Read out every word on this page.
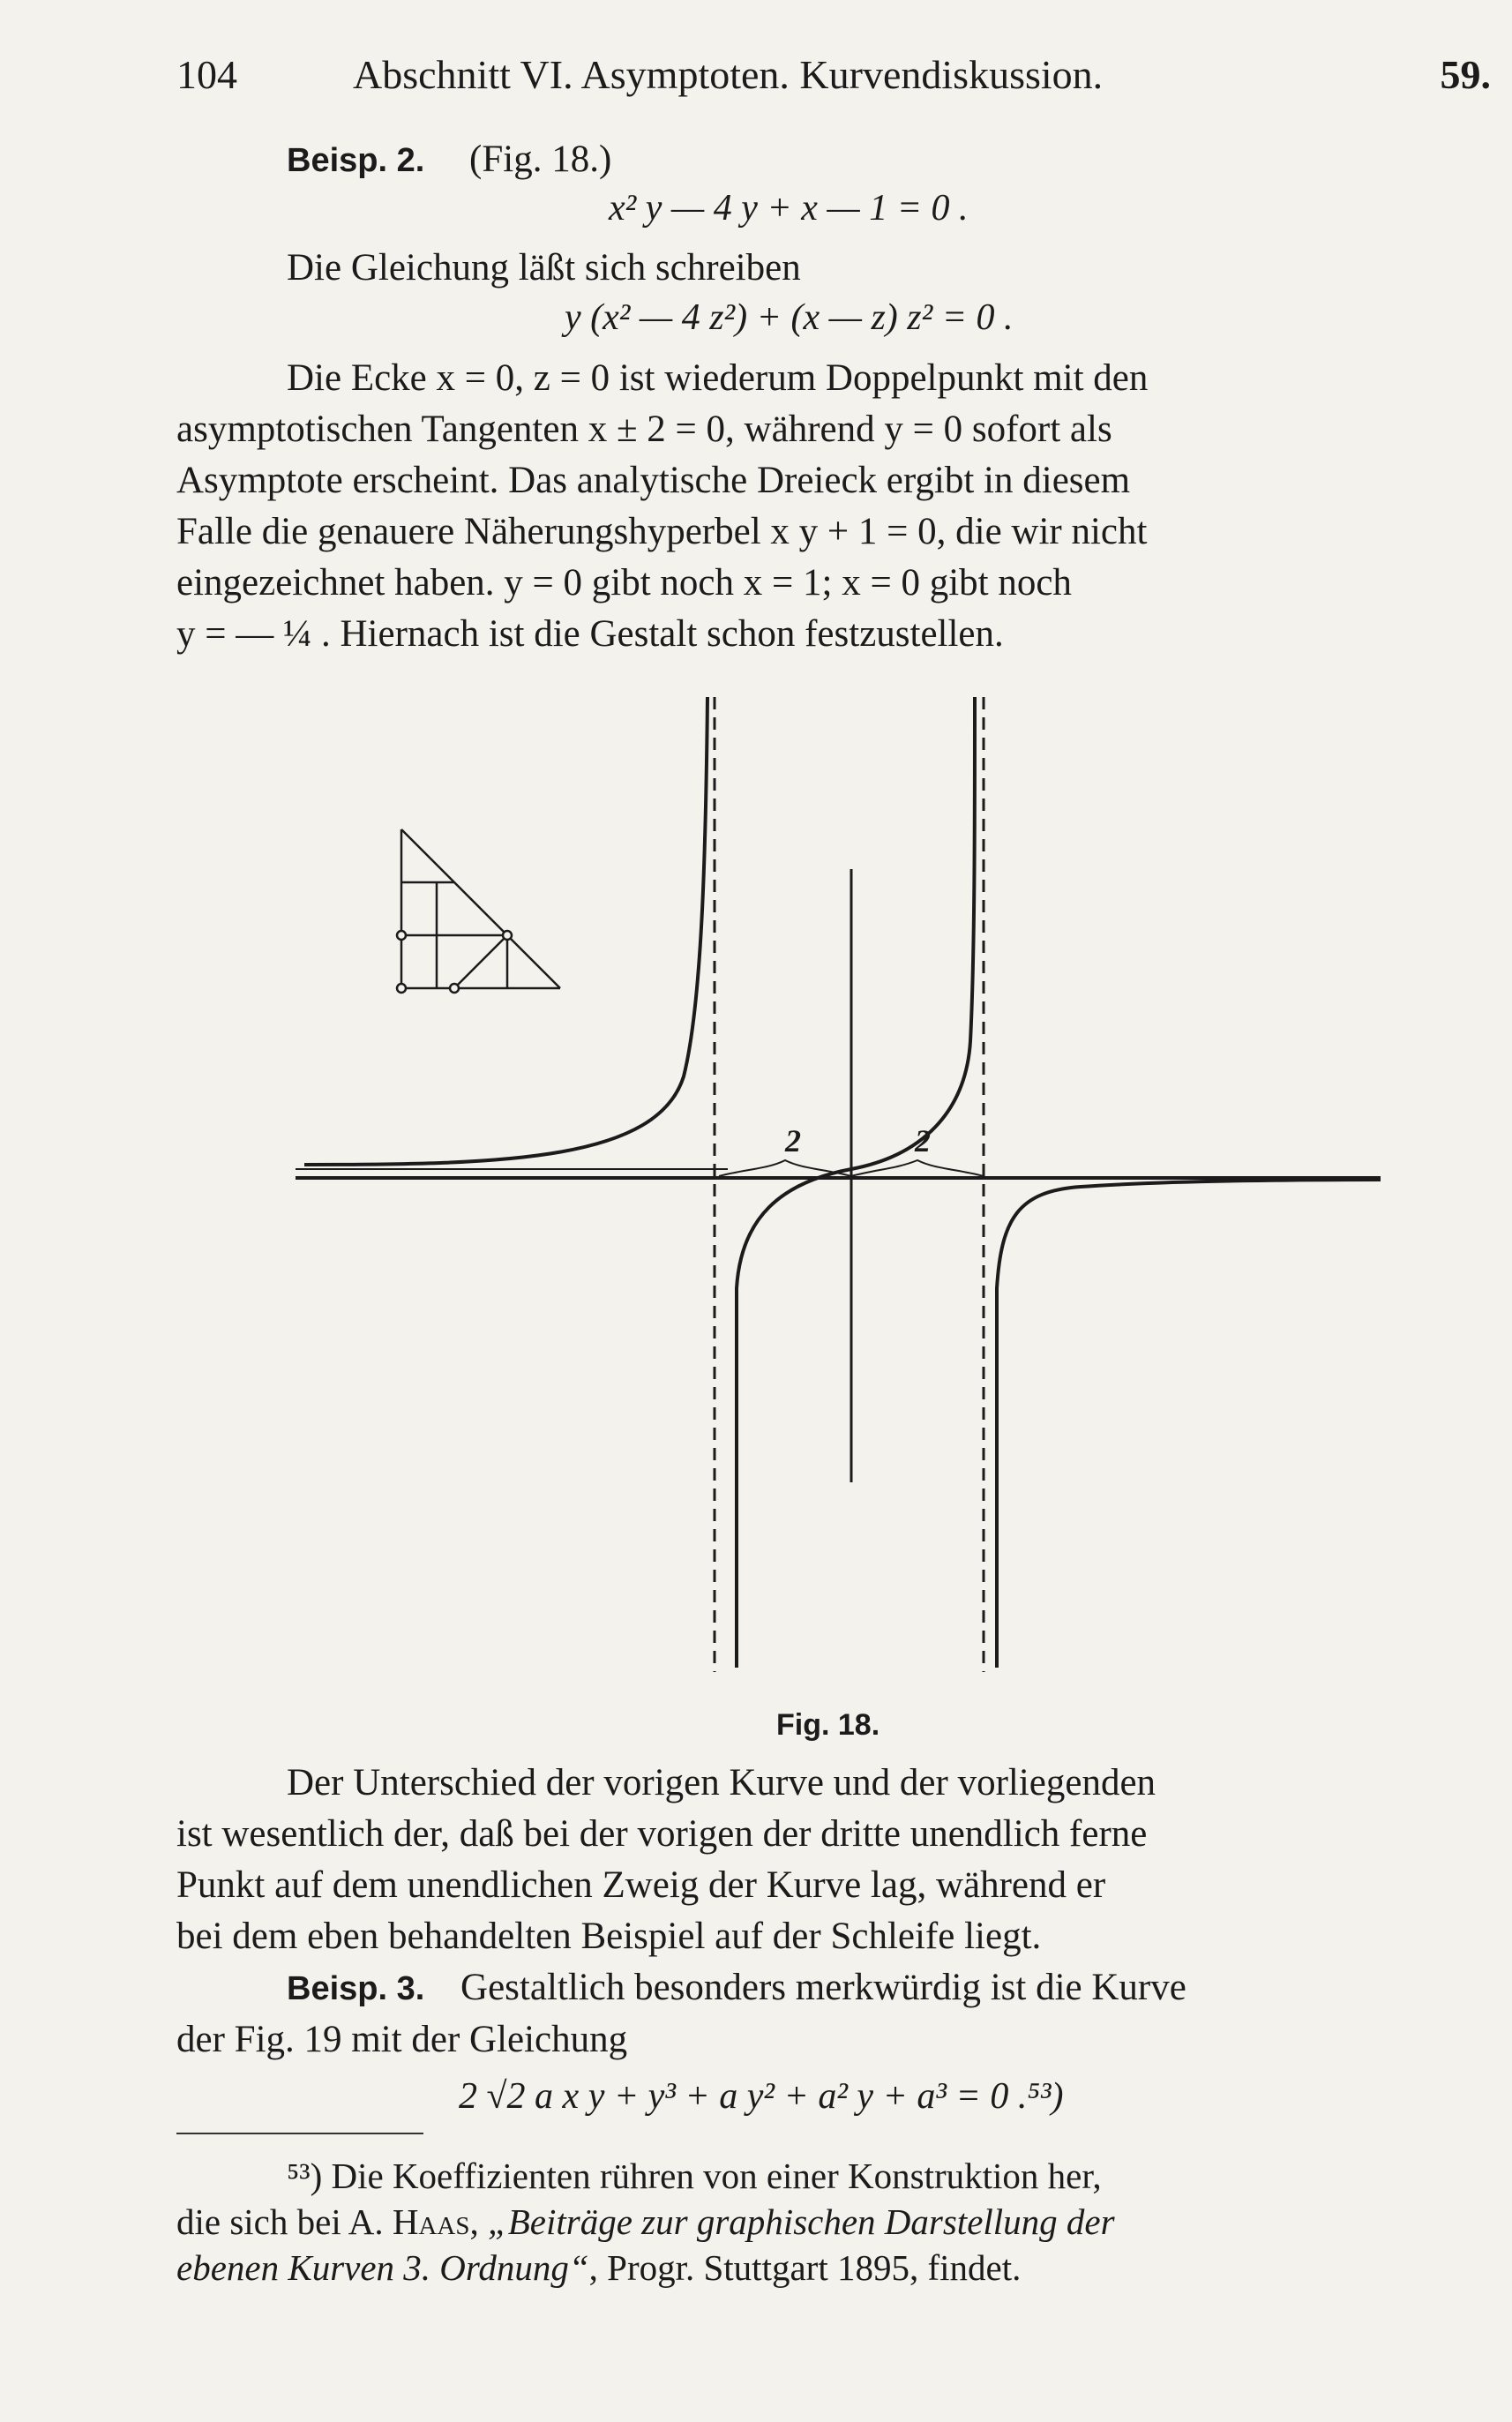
104	Abschnitt VI. Asymptoten. Kurvendiskussion.	59.
Beisp. 2. (Fig. 18.)
x² y — 4 y + x — 1 = 0 .
Die Gleichung läßt sich schreiben
y (x² — 4 z²) + (x — z) z² = 0 .
Die Ecke x = 0, z = 0 ist wiederum Doppelpunkt mit den
asymptotischen Tangenten x ± 2 = 0, während y = 0 sofort als
Asymptote erscheint. Das analytische Dreieck ergibt in diesem
Falle die genauere Näherungshyperbel x y + 1 = 0, die wir nicht
eingezeichnet haben. y = 0 gibt noch x = 1; x = 0 gibt noch
y = — ¼ . Hiernach ist die Gestalt schon festzustellen.
2	2
Fig. 18.
Der Unterschied der vorigen Kurve und der vorliegenden
ist wesentlich der, daß bei der vorigen der dritte unendlich ferne
Punkt auf dem unendlichen Zweig der Kurve lag, während er
bei dem eben behandelten Beispiel auf der Schleife liegt.
Beisp. 3. Gestaltlich besonders merkwürdig ist die Kurve
der Fig. 19 mit der Gleichung
2 √2 a x y + y³ + a y² + a² y + a³ = 0 .⁵³)
⁵³) Die Koeffizienten rühren von einer Konstruktion her,
die sich bei A. Haas, „Beiträge zur graphischen Darstellung der
ebenen Kurven 3. Ordnung“, Progr. Stuttgart 1895, findet.
